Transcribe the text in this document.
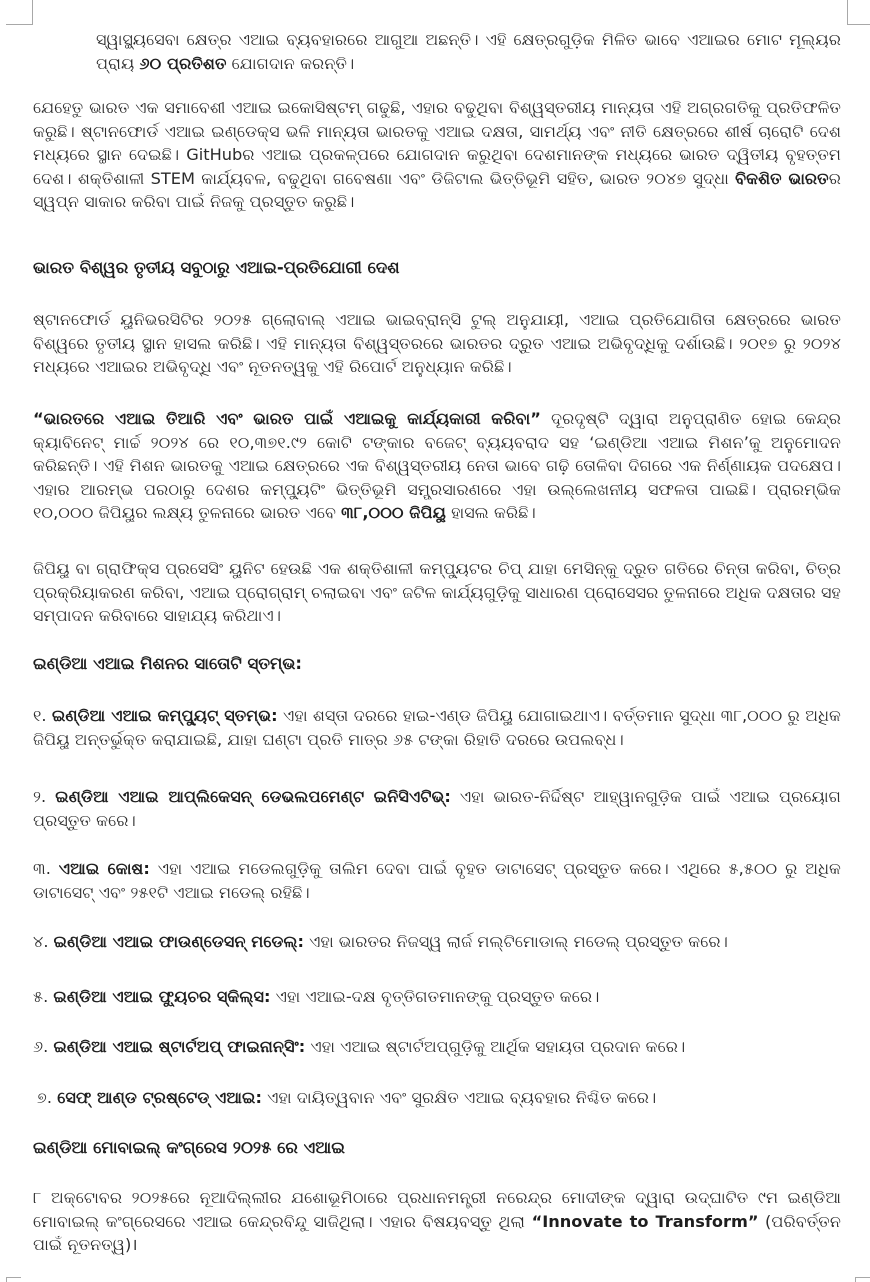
ସ୍ୱାସ୍ଥ୍ୟସେବା କ୍ଷେତ୍ର ଏଆଇ ବ୍ୟବହାରରେ ଆଗୁଆ ଅଛନ୍ତି। ଏହି କ୍ଷେତ୍ରଗୁଡ଼ିକ ମିଳିତ ଭାବେ ଏଆଇର ମୋଟ ମୂଲ୍ୟର ପ୍ରାୟ ୬୦ ପ୍ରତିଶତ ଯୋଗଦାନ କରନ୍ତି।

ଯେହେତୁ ଭାରତ ଏକ ସମାବେଶୀ ଏଆଇ ଇକୋସିଷ୍ଟମ୍ ଗଢୁଛି, ଏହାର ବଢୁଥିବା ବିଶ୍ୱସ୍ତରୀୟ ମାନ୍ୟତା ଏହି ଅଗ୍ରଗତିକୁ ପ୍ରତିଫଳିତ କରୁଛି। ଷ୍ଟାନଫୋର୍ଡ ଏଆଇ ଇଣ୍ଡେକ୍ସ ଭଳି ମାନ୍ୟତା ଭାରତକୁ ଏଆଇ ଦକ୍ଷତା, ସାମର୍ଥ୍ୟ ଏବଂ ନୀତି କ୍ଷେତ୍ରରେ ଶୀର୍ଷ ଚାରୋଟି ଦେଶ ମଧ୍ୟରେ ସ୍ଥାନ ଦେଇଛି। GitHubର ଏଆଇ ପ୍ରକଳ୍ପରେ ଯୋଗଦାନ କରୁଥିବା ଦେଶମାନଙ୍କ ମଧ୍ୟରେ ଭାରତ ଦ୍ୱିତୀୟ ବୃହତ୍ତମ ଦେଶ। ଶକ୍ତିଶାଳୀ STEM କାର୍ଯ୍ୟବଳ, ବଢୁଥିବା ଗବେଷଣା ଏବଂ ଡିଜିଟାଲ ଭିତ୍ତିଭୂମି ସହିତ, ଭାରତ ୨୦୪୭ ସୁଦ୍ଧା ବିକଶିତ ଭାରତର ସ୍ୱପ୍ନ ସାକାର କରିବା ପାଇଁ ନିଜକୁ ପ୍ରସ୍ତୁତ କରୁଛି।

ଭାରତ ବିଶ୍ୱର ତୃତୀୟ ସବୁଠାରୁ ଏଆଇ-ପ୍ରତିଯୋଗୀ ଦେଶ

ଷ୍ଟାନଫୋର୍ଡ ୟୁନିଭରସିଟିର ୨୦୨୫ ଗ୍ଲୋବାଲ୍ ଏଆଇ ଭାଇବ୍ରାନ୍ସି ଟୁଲ୍ ଅନୁଯାୟୀ, ଏଆଇ ପ୍ରତିଯୋଗିତା କ୍ଷେତ୍ରରେ ଭାରତ ବିଶ୍ୱରେ ତୃତୀୟ ସ୍ଥାନ ହାସଲ କରିଛି। ଏହି ମାନ୍ୟତା ବିଶ୍ୱସ୍ତରରେ ଭାରତର ଦ୍ରୁତ ଏଆଇ ଅଭିବୃଦ୍ଧିକୁ ଦର୍ଶାଉଛି। ୨୦୧୭ ରୁ ୨୦୨୪ ମଧ୍ୟରେ ଏଆଇର ଅଭିବୃଦ୍ଧି ଏବଂ ନୂତନତ୍ୱକୁ ଏହି ରିପୋର୍ଟ ଅନୁଧ୍ୟାନ କରିଛି।

“ଭାରତରେ ଏଆଇ ତିଆରି ଏବଂ ଭାରତ ପାଇଁ ଏଆଇକୁ କାର୍ଯ୍ୟକାରୀ କରିବା” ଦୂରଦୃଷ୍ଟି ଦ୍ୱାରା ଅନୁପ୍ରାଣିତ ହୋଇ କେନ୍ଦ୍ର କ୍ୟାବିନେଟ୍ ମାର୍ଚ୍ଚ ୨୦୨୪ ରେ ୧୦,୩୭୧.୯୨ କୋଟି ଟଙ୍କାର ବଜେଟ୍ ବ୍ୟୟବରାଦ ସହ ‘ଇଣ୍ଡିଆ ଏଆଇ ମିଶନ’କୁ ଅନୁମୋଦନ କରିଛନ୍ତି। ଏହି ମିଶନ ଭାରତକୁ ଏଆଇ କ୍ଷେତ୍ରରେ ଏକ ବିଶ୍ୱସ୍ତରୀୟ ନେତା ଭାବେ ଗଢ଼ି ତୋଳିବା ଦିଗରେ ଏକ ନିର୍ଣ୍ଣାୟକ ପଦକ୍ଷେପ। ଏହାର ଆରମ୍ଭ ପରଠାରୁ ଦେଶର କମ୍ପ୍ୟୁଟିଂ ଭିତ୍ତିଭୂମି ସମ୍ପ୍ରସାରଣରେ ଏହା ଉଲ୍ଲେଖନୀୟ ସଫଳତା ପାଇଛି। ପ୍ରାରମ୍ଭିକ ୧୦,୦୦୦ ଜିପିୟୁର ଲକ୍ଷ୍ୟ ତୁଳନାରେ ଭାରତ ଏବେ ୩୮,୦୦୦ ଜିପିୟୁ ହାସଲ କରିଛି।

ଜିପିୟୁ ବା ଗ୍ରାଫିକ୍ସ ପ୍ରସେସିଂ ୟୁନିଟ ହେଉଛି ଏକ ଶକ୍ତିଶାଳୀ କମ୍ପ୍ୟୁଟର ଚିପ୍ ଯାହା ମେସିନ୍‌କୁ ଦ୍ରୁତ ଗତିରେ ଚିନ୍ତା କରିବା, ଚିତ୍ର ପ୍ରକ୍ରିୟାକରଣ କରିବା, ଏଆଇ ପ୍ରୋଗ୍ରାମ୍ ଚଲାଇବା ଏବଂ ଜଟିଳ କାର୍ଯ୍ୟଗୁଡ଼ିକୁ ସାଧାରଣ ପ୍ରୋସେସର ତୁଳନାରେ ଅଧିକ ଦକ୍ଷତାର ସହ ସମ୍ପାଦନ କରିବାରେ ସାହାଯ୍ୟ କରିଥାଏ।

ଇଣ୍ଡିଆ ଏଆଇ ମିଶନର ସାତୋଟି ସ୍ତମ୍ଭ:

୧. ଇଣ୍ଡିଆ ଏଆଇ କମ୍ପ୍ୟୁଟ୍ ସ୍ତମ୍ଭ: ଏହା ଶସ୍ତା ଦରରେ ହାଇ-ଏଣ୍ଡ ଜିପିୟୁ ଯୋଗାଇଥାଏ। ବର୍ତ୍ତମାନ ସୁଦ୍ଧା ୩୮,୦୦୦ ରୁ ଅଧିକ ଜିପିୟୁ ଅନ୍ତର୍ଭୁକ୍ତ କରାଯାଇଛି, ଯାହା ଘଣ୍ଟା ପ୍ରତି ମାତ୍ର ୬୫ ଟଙ୍କା ରିହାତି ଦରରେ ଉପଲବ୍ଧ।

୨. ଇଣ୍ଡିଆ ଏଆଇ ଆପ୍ଲିକେସନ୍ ଡେଭଲପମେଣ୍ଟ ଇନିସିଏଟିଭ୍: ଏହା ଭାରତ-ନିର୍ଦ୍ଦିଷ୍ଟ ଆହ୍ୱାନଗୁଡ଼ିକ ପାଇଁ ଏଆଇ ପ୍ରୟୋଗ ପ୍ରସ୍ତୁତ କରେ।

୩. ଏଆଇ କୋଷ: ଏହା ଏଆଇ ମଡେଲଗୁଡ଼ିକୁ ତାଲିମ ଦେବା ପାଇଁ ବୃହତ ଡାଟାସେଟ୍ ପ୍ରସ୍ତୁତ କରେ। ଏଥିରେ ୫,୫୦୦ ରୁ ଅଧିକ ଡାଟାସେଟ୍ ଏବଂ ୨୫୧ଟି ଏଆଇ ମଡେଲ୍ ରହିଛି।

୪. ଇଣ୍ଡିଆ ଏଆଇ ଫାଉଣ୍ଡେସନ୍ ମଡେଲ୍: ଏହା ଭାରତର ନିଜସ୍ୱ ଲାର୍ଜ ମଲ୍ଟିମୋଡାଲ୍ ମଡେଲ୍ ପ୍ରସ୍ତୁତ କରେ।

୫. ଇଣ୍ଡିଆ ଏଆଇ ଫ୍ୟୁଚର ସ୍କିଲ୍‌ସ: ଏହା ଏଆଇ-ଦକ୍ଷ ବୃତ୍ତିଗତମାନଙ୍କୁ ପ୍ରସ୍ତୁତ କରେ।

୬. ଇଣ୍ଡିଆ ଏଆଇ ଷ୍ଟାର୍ଟଅପ୍ ଫାଇନାନ୍ସିଂ: ଏହା ଏଆଇ ଷ୍ଟାର୍ଟଅପ୍‌ଗୁଡ଼ିକୁ ଆର୍ଥିକ ସହାୟତା ପ୍ରଦାନ କରେ।

୭. ସେଫ୍ ଆଣ୍ଡ ଟ୍ରଷ୍ଟେଡ୍ ଏଆଇ: ଏହା ଦାୟିତ୍ୱବାନ ଏବଂ ସୁରକ୍ଷିତ ଏଆଇ ବ୍ୟବହାର ନିଶ୍ଚିତ କରେ।

ଇଣ୍ଡିଆ ମୋବାଇଲ୍ କଂଗ୍ରେସ ୨୦୨୫ ରେ ଏଆଇ

୮ ଅକ୍ଟୋବର ୨୦୨୫ରେ ନୂଆଦିଲ୍ଲୀର ଯଶୋଭୂମିଠାରେ ପ୍ରଧାନମନ୍ତ୍ରୀ ନରେନ୍ଦ୍ର ମୋଦୀଙ୍କ ଦ୍ୱାରା ଉଦ୍‌ଘାଟିତ ୯ମ ଇଣ୍ଡିଆ ମୋବାଇଲ୍ କଂଗ୍ରେସରେ ଏଆଇ କେନ୍ଦ୍ରବିନ୍ଦୁ ସାଜିଥିଲା। ଏହାର ବିଷୟବସ୍ତୁ ଥିଲା “Innovate to Transform” (ପରିବର୍ତ୍ତନ ପାଇଁ ନୂତନତ୍ୱ)।
